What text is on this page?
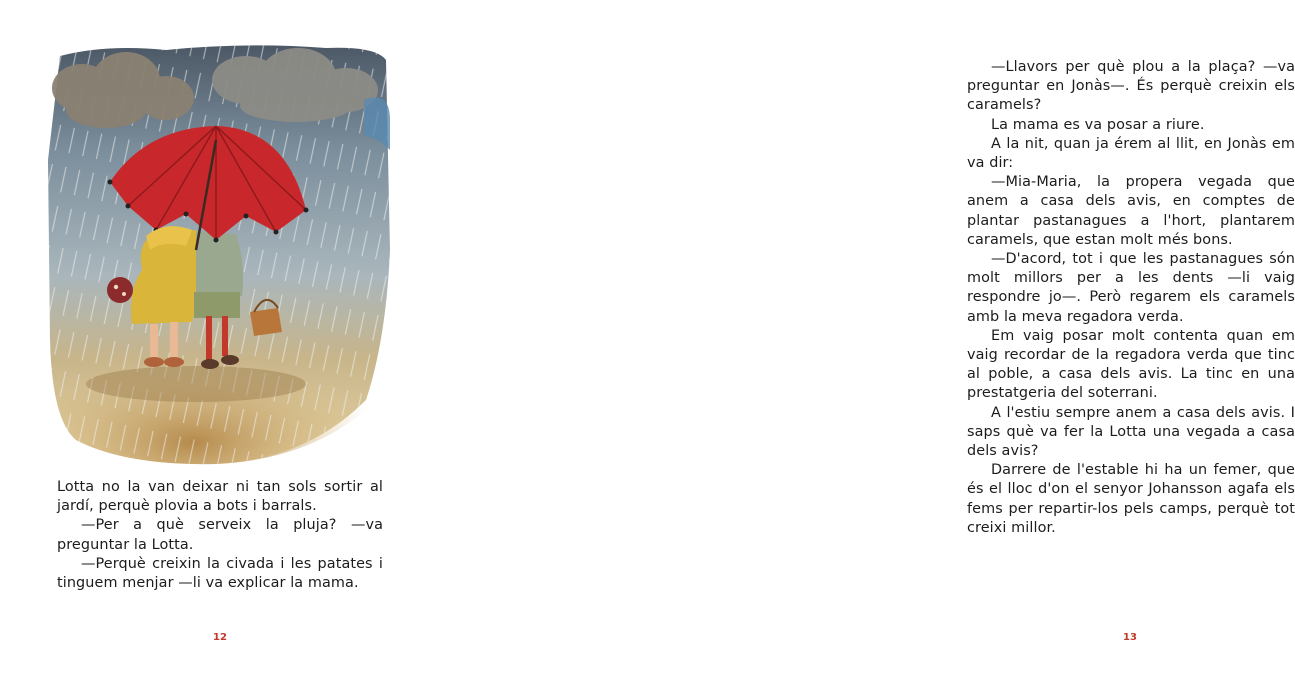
Lotta no la van deixar ni tan sols sortir al jardí, perquè plovia a bots i barrals.

—Per a què serveix la pluja? —va preguntar la Lotta.

—Perquè creixin la civada i les patates i tinguem menjar —li va explicar la mama.

12

—Llavors per què plou a la plaça? —va preguntar en Jonàs—. És perquè creixin els caramels?

La mama es va posar a riure.

A la nit, quan ja érem al llit, en Jonàs em va dir:

—Mia-Maria, la propera vegada que anem a casa dels avis, en comptes de plantar pastanagues a l'hort, plantarem caramels, que estan molt més bons.

—D'acord, tot i que les pastanagues són molt millors per a les dents —li vaig respondre jo—. Però regarem els caramels amb la meva regadora verda.

Em vaig posar molt contenta quan em vaig recordar de la regadora verda que tinc al poble, a casa dels avis. La tinc en una prestatgeria del soterrani.

A l'estiu sempre anem a casa dels avis. I saps què va fer la Lotta una vegada a casa dels avis?

Darrere de l'estable hi ha un femer, que és el lloc d'on el senyor Johansson agafa els fems per repartir-los pels camps, perquè tot creixi millor.

13
